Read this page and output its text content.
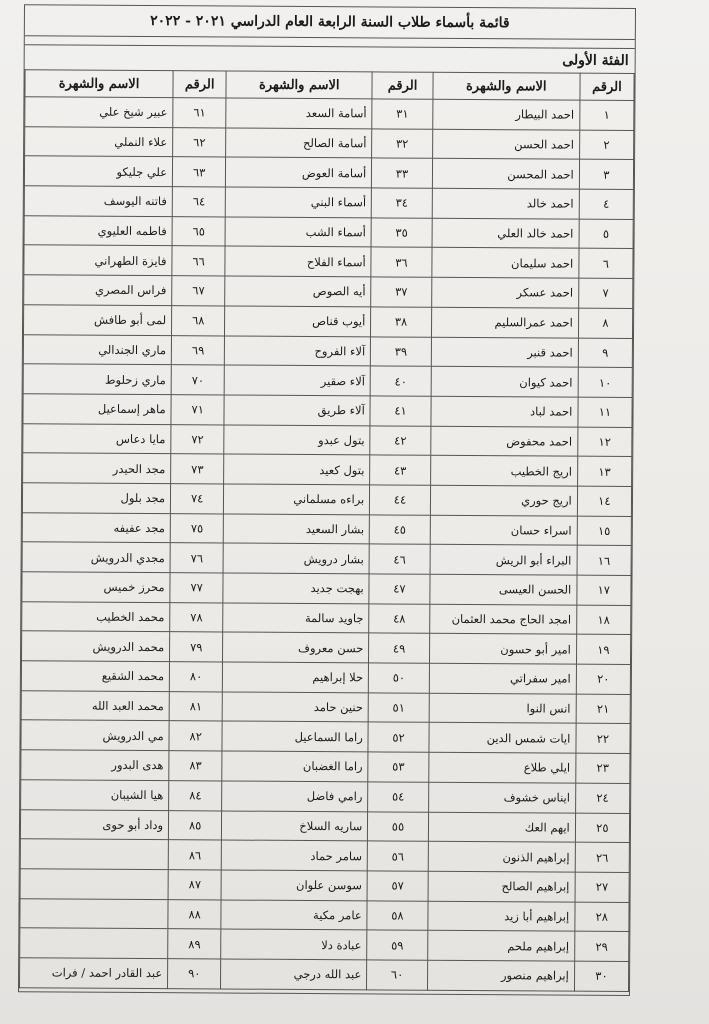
قائمة بأسماء طلاب السنة الرابعة العام الدراسي ٢٠٢١ - ٢٠٢٢
الفئة الأولى
الرقم	الاسم والشهرة	الرقم	الاسم والشهرة	الرقم	الاسم والشهرة
١	احمد البيطار	٣١	أسامة السعد	٦١	عبير شيخ علي
٢	احمد الحسن	٣٢	أسامة الصالح	٦٢	علاء النملي
٣	احمد المحسن	٣٣	أسامة العوض	٦٣	علي جليكو
٤	احمد خالد	٣٤	أسماء البني	٦٤	فاتنه اليوسف
٥	احمد خالد العلي	٣٥	أسماء الشب	٦٥	فاطمه العليوي
٦	احمد سليمان	٣٦	أسماء الفلاح	٦٦	فايزة الطهراني
٧	احمد عسكر	٣٧	أيه الصوص	٦٧	فراس المصري
٨	احمد عمرالسليم	٣٨	أيوب قناص	٦٨	لمى أبو طافش
٩	احمد قنبر	٣٩	آلاء الفروح	٦٩	ماري الجندالي
١٠	احمد كيوان	٤٠	آلاء صقير	٧٠	ماري زحلوط
١١	احمد لباد	٤١	آلاء طريق	٧١	ماهر إسماعيل
١٢	احمد محفوض	٤٢	بتول عبدو	٧٢	مايا دعاس
١٣	اريج الخطيب	٤٣	بتول كعيد	٧٣	مجد الحيدر
١٤	اريج حوري	٤٤	براءه مسلماني	٧٤	مجد بلول
١٥	اسراء حسان	٤٥	بشار السعيد	٧٥	مجد عفيفه
١٦	البراء أبو الريش	٤٦	بشار درويش	٧٦	مجدي الدرويش
١٧	الحسن العيسى	٤٧	بهجت جديد	٧٧	محرز خميس
١٨	امجد الحاج محمد العثمان	٤٨	جاويد سالمة	٧٨	محمد الخطيب
١٩	امير أبو حسون	٤٩	حسن معروف	٧٩	محمد الدرويش
٢٠	امير سفراتي	٥٠	حلا إبراهيم	٨٠	محمد الشقيع
٢١	انس النوا	٥١	حنين حامد	٨١	محمد العبد الله
٢٢	ايات شمس الدين	٥٢	راما السماعيل	٨٢	مي الدرويش
٢٣	ايلي طلاع	٥٣	راما الغضبان	٨٣	هدى البدور
٢٤	ايناس خشوف	٥٤	رامي فاضل	٨٤	هيا الشيبان
٢٥	ايهم العك	٥٥	ساريه السلاخ	٨٥	وداد أبو حوى
٢٦	إبراهيم الذنون	٥٦	سامر حماد	٨٦	
٢٧	إبراهيم الصالح	٥٧	سوسن علوان	٨٧	
٢٨	إبراهيم أبا زيد	٥٨	عامر مكية	٨٨	
٢٩	إبراهيم ملحم	٥٩	عبادة دلا	٨٩	
٣٠	إبراهيم منصور	٦٠	عبد الله درجي	٩٠	عبد القادر احمد / فرات
